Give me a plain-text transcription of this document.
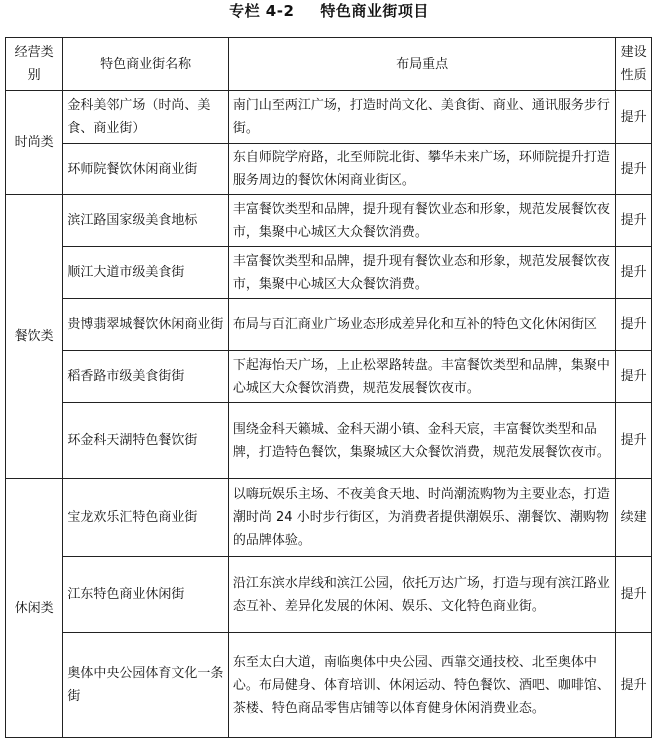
专栏 4-2 特色商业街项目
经营类别	特色商业街名称	布局重点	建设性质
时尚类	金科美邻广场（时尚、美食、商业街）	南门山至两江广场，打造时尚文化、美食街、商业、通讯服务步行街。	提升
	环师院餐饮休闲商业街	东自师院学府路，北至师院北街、攀华未来广场，环师院提升打造服务周边的餐饮休闲商业街区。	提升
餐饮类	滨江路国家级美食地标	丰富餐饮类型和品牌，提升现有餐饮业态和形象，规范发展餐饮夜市，集聚中心城区大众餐饮消费。	提升
	顺江大道市级美食街	丰富餐饮类型和品牌，提升现有餐饮业态和形象，规范发展餐饮夜市，集聚中心城区大众餐饮消费。	提升
	贵博翡翠城餐饮休闲商业街	布局与百汇商业广场业态形成差异化和互补的特色文化休闲街区	提升
	稻香路市级美食街街	下起海怡天广场，上止松翠路转盘。丰富餐饮类型和品牌，集聚中心城区大众餐饮消费，规范发展餐饮夜市。	提升
	环金科天湖特色餐饮街	围绕金科天籁城、金科天湖小镇、金科天宸，丰富餐饮类型和品牌，打造特色餐饮，集聚城区大众餐饮消费，规范发展餐饮夜市。	提升
休闲类	宝龙欢乐汇特色商业街	以嗨玩娱乐主场、不夜美食天地、时尚潮流购物为主要业态，打造潮时尚 24 小时步行街区，为消费者提供潮娱乐、潮餐饮、潮购物的品牌体验。	续建
	江东特色商业休闲街	沿江东滨水岸线和滨江公园，依托万达广场，打造与现有滨江路业态互补、差异化发展的休闲、娱乐、文化特色商业街。	提升
	奥体中央公园体育文化一条街	东至太白大道，南临奥体中央公园、西靠交通技校、北至奥体中心。布局健身、体育培训、休闲运动、特色餐饮、酒吧、咖啡馆、茶楼、特色商品零售店铺等以体育健身休闲消费业态。	提升
